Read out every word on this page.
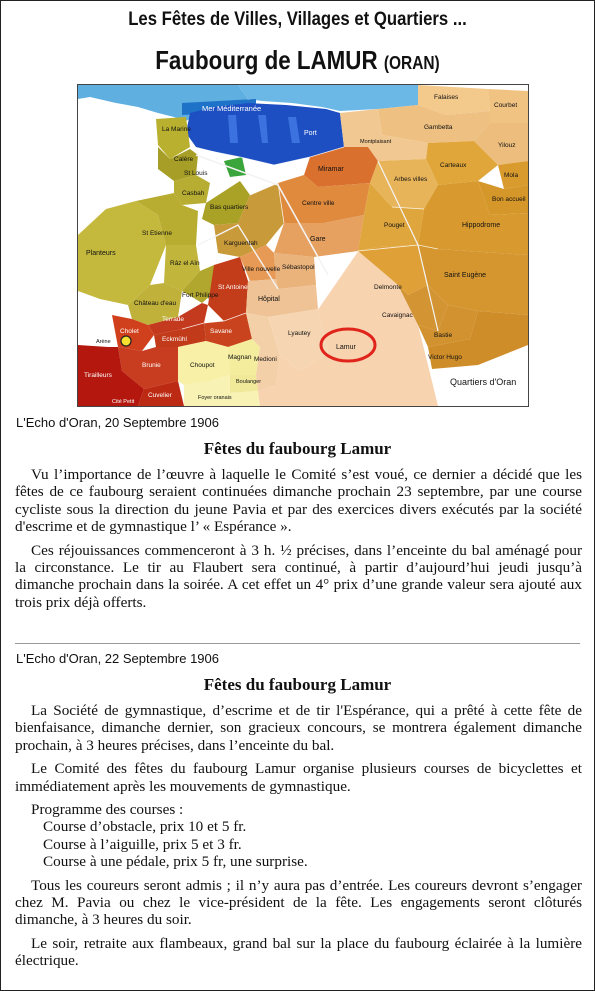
Les Fêtes de Villes, Villages et Quartiers ...
Faubourg de LAMUR (ORAN)
Mer Méditerranée
La Marine
Calère
St Louis
Casbah
Bas quartiers
Planteurs
St Etienne
Râz el Aïn
Château d'eau
Fort Philippe
Karguentah
St Antoine
Port
Miramar
Centre ville
Gare
Sébastopol
Ville nouvelle
Hôpital
Lyautey
Lamur
Medioni
Magnan
Boulanger
Foyer oranais
Choupot
Savane
Eckmühl
Terrade
Cholet
Arène
Brunie
Tirailleurs
Cuvelier
Cité Petit
Falaises
Courbet
Gambetta
Yilouz
Montplaisant
Carteaux
Mola
Bon accueil
Arbes villes
Pouget	Hippodrome
Saint Eugène
Delmonte
Cavaignac
Bastie
Victor Hugo
Quartiers d'Oran
L'Echo d'Oran, 20 Septembre 1906
Fêtes du faubourg Lamur

Vu l’importance de l’œuvre à laquelle le Comité s’est voué, ce dernier a décidé que les fêtes de ce faubourg seraient continuées dimanche prochain 23 septembre, par une course cycliste sous la direction du jeune Pavia et par des exercices divers exécutés par la société d'escrime et de gymnastique l’ « Espérance ».

Ces réjouissances commenceront à 3 h. ½ précises, dans l’enceinte du bal aménagé pour la circonstance. Le tir au Flaubert sera continué, à partir d’aujourd’hui jeudi jusqu’à dimanche prochain dans la soirée. A cet effet un 4° prix d’une grande valeur sera ajouté aux trois prix déjà offerts.

L'Echo d'Oran, 22 Septembre 1906
Fêtes du faubourg Lamur

La Société de gymnastique, d’escrime et de tir l'Espérance, qui a prêté à cette fête de bienfaisance, dimanche dernier, son gracieux concours, se montrera également dimanche prochain, à 3 heures précises, dans l’enceinte du bal.

Le Comité des fêtes du faubourg Lamur organise plusieurs courses de bicyclettes et immédiatement après les mouvements de gymnastique.

Programme des courses :
Course d’obstacle, prix 10 et 5 fr.
Course à l’aiguille, prix 5 et 3 fr.
Course à une pédale, prix 5 fr, une surprise.

Tous les coureurs seront admis ; il n’y aura pas d’entrée. Les coureurs devront s’engager chez M. Pavia ou chez le vice-président de la fête. Les engagements seront clôturés dimanche, à 3 heures du soir.

Le soir, retraite aux flambeaux, grand bal sur la place du faubourg éclairée à la lumière électrique.
